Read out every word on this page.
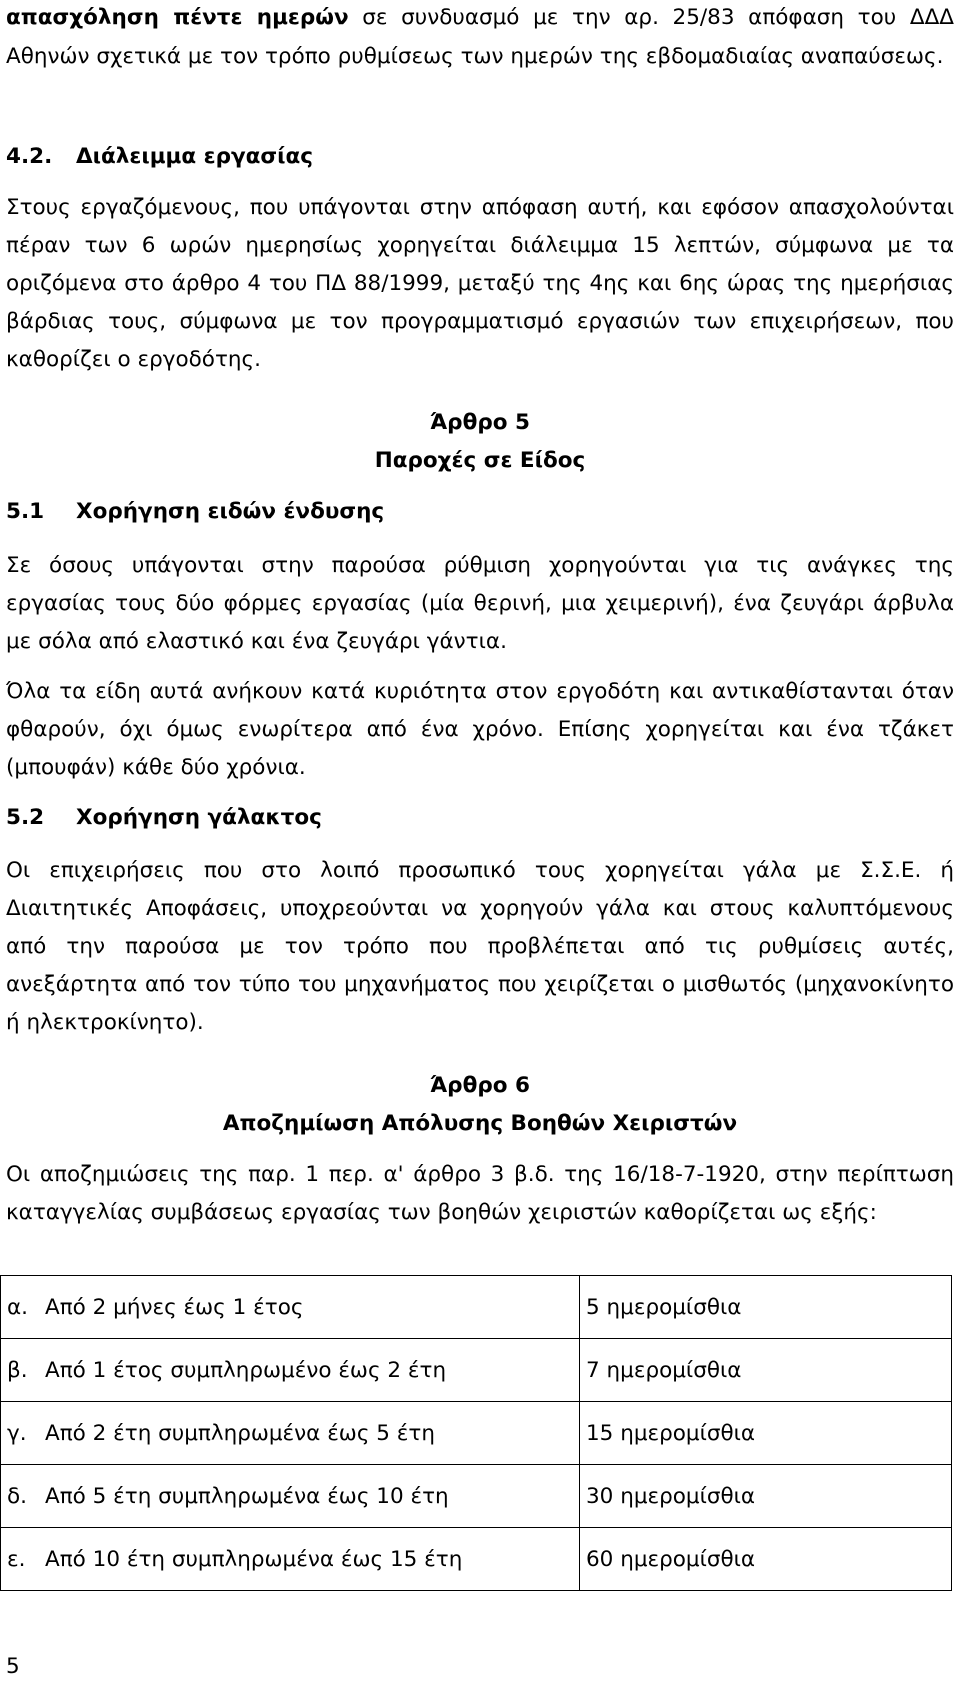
απασχόληση πέντε ημερών σε συνδυασμό με την αρ. 25/83 απόφαση του ΔΔΔ
Αθηνών σχετικά με τον τρόπο ρυθμίσεως των ημερών της εβδομαδιαίας αναπαύσεως.
4.2. Διάλειμμα εργασίας
Στους εργαζόμενους, που υπάγονται στην απόφαση αυτή, και εφόσον απασχολούνται
πέραν των 6 ωρών ημερησίως χορηγείται διάλειμμα 15 λεπτών, σύμφωνα με τα
οριζόμενα στο άρθρο 4 του ΠΔ 88/1999, μεταξύ της 4ης και 6ης ώρας της ημερήσιας
βάρδιας τους, σύμφωνα με τον προγραμματισμό εργασιών των επιχειρήσεων, που
καθορίζει ο εργοδότης.
Άρθρο 5
Παροχές σε Είδος
5.1 Χορήγηση ειδών ένδυσης
Σε όσους υπάγονται στην παρούσα ρύθμιση χορηγούνται για τις ανάγκες της
εργασίας τους δύο φόρμες εργασίας (μία θερινή, μια χειμερινή), ένα ζευγάρι άρβυλα
με σόλα από ελαστικό και ένα ζευγάρι γάντια.
Όλα τα είδη αυτά ανήκουν κατά κυριότητα στον εργοδότη και αντικαθίστανται όταν
φθαρούν, όχι όμως ενωρίτερα από ένα χρόνο. Επίσης χορηγείται και ένα τζάκετ
(μπουφάν) κάθε δύο χρόνια.
5.2 Χορήγηση γάλακτος
Οι επιχειρήσεις που στο λοιπό προσωπικό τους χορηγείται γάλα με Σ.Σ.Ε. ή
Διαιτητικές Αποφάσεις, υποχρεούνται να χορηγούν γάλα και στους καλυπτόμενους
από την παρούσα με τον τρόπο που προβλέπεται από τις ρυθμίσεις αυτές,
ανεξάρτητα από τον τύπο του μηχανήματος που χειρίζεται ο μισθωτός (μηχανοκίνητο
ή ηλεκτροκίνητο).
Άρθρο 6
Αποζημίωση Απόλυσης Βοηθών Χειριστών
Οι αποζημιώσεις της παρ. 1 περ. α' άρθρο 3 β.δ. της 16/18-7-1920, στην περίπτωση
καταγγελίας συμβάσεως εργασίας των βοηθών χειριστών καθορίζεται ως εξής:
α. Από 2 μήνες έως 1 έτος	5 ημερομίσθια
β. Από 1 έτος συμπληρωμένο έως 2 έτη	7 ημερομίσθια
γ. Από 2 έτη συμπληρωμένα έως 5 έτη	15 ημερομίσθια
δ. Από 5 έτη συμπληρωμένα έως 10 έτη	30 ημερομίσθια
ε. Από 10 έτη συμπληρωμένα έως 15 έτη	60 ημερομίσθια
5
